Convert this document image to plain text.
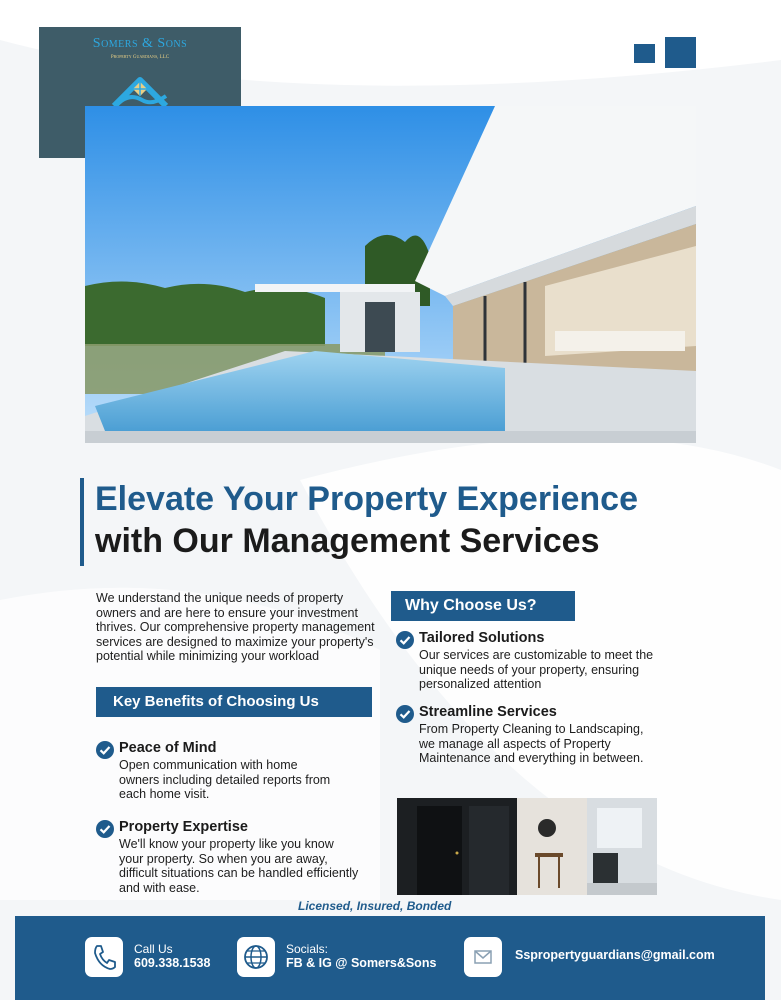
Somers & Sons
Property Guardians, LLC
Elevate Your Property Experience
with Our Management Services
We understand the unique needs of property owners and are here to ensure your investment thrives. Our comprehensive property management services are designed to maximize your property's potential while minimizing your workload
Key Benefits of Choosing Us
Peace of Mind
Open communication with home owners including detailed reports from each home visit.
Property Expertise
We'll know your property like you know your property. So when you are away, difficult situations can be handled efficiently and with ease.
Why Choose Us?
Tailored Solutions
Our services are customizable to meet the unique needs of your property, ensuring personalized attention
Streamline Services
From Property Cleaning to Landscaping, we manage all aspects of Property Maintenance and everything in between.
Licensed, Insured, Bonded
Call Us
609.338.1538
Socials:
FB & IG @ Somers&Sons
Sspropertyguardians@gmail.com
